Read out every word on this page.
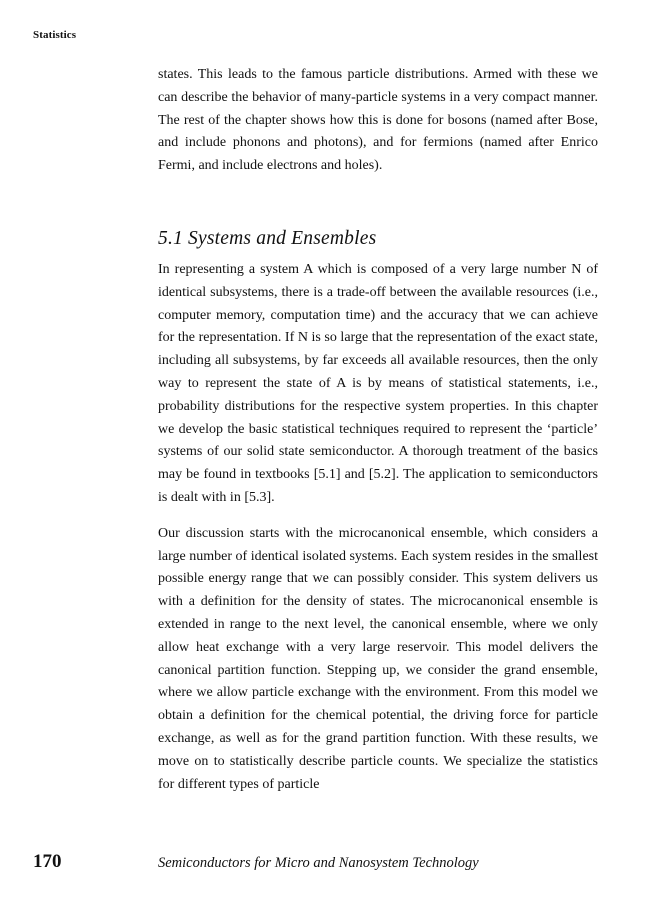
Statistics

states. This leads to the famous particle distributions. Armed with these we can describe the behavior of many-particle systems in a very compact manner. The rest of the chapter shows how this is done for bosons (named after Bose, and include phonons and photons), and for fermions (named after Enrico Fermi, and include electrons and holes).

5.1 Systems and Ensembles

In representing a system A which is composed of a very large number N of identical subsystems, there is a trade-off between the available resources (i.e., computer memory, computation time) and the accuracy that we can achieve for the representation. If N is so large that the representation of the exact state, including all subsystems, by far exceeds all available resources, then the only way to represent the state of A is by means of statistical statements, i.e., probability distributions for the respective system properties. In this chapter we develop the basic statistical techniques required to represent the ‘particle’ systems of our solid state semiconductor. A thorough treatment of the basics may be found in textbooks [5.1] and [5.2]. The application to semiconductors is dealt with in [5.3].

Our discussion starts with the microcanonical ensemble, which considers a large number of identical isolated systems. Each system resides in the smallest possible energy range that we can possibly consider. This system delivers us with a definition for the density of states. The microcanonical ensemble is extended in range to the next level, the canonical ensemble, where we only allow heat exchange with a very large reservoir. This model delivers the canonical partition function. Stepping up, we consider the grand ensemble, where we allow particle exchange with the environment. From this model we obtain a definition for the chemical potential, the driving force for particle exchange, as well as for the grand partition function. With these results, we move on to statistically describe particle counts. We specialize the statistics for different types of particle

170	Semiconductors for Micro and Nanosystem Technology
